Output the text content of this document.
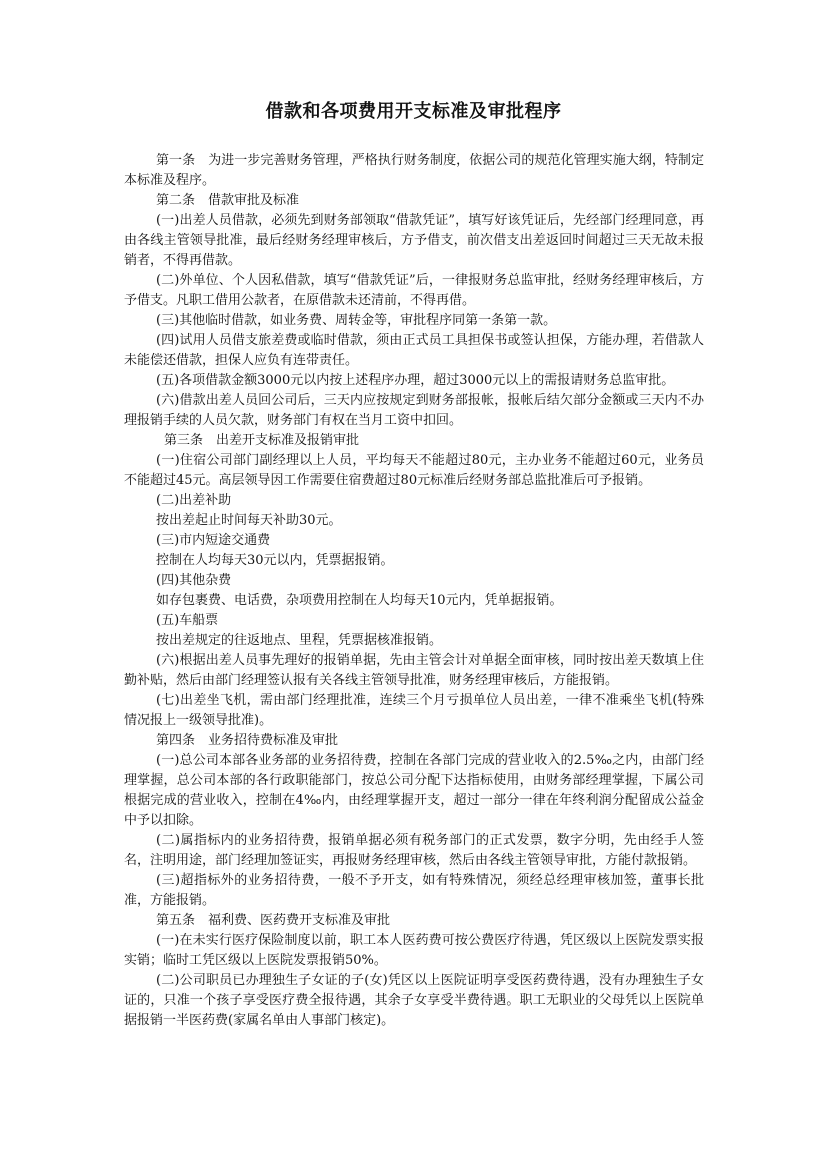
借款和各项费用开支标准及审批程序

第一条　为进一步完善财务管理，严格执行财务制度，依据公司的规范化管理实施大纲，特制定本标准及程序。

第二条　借款审批及标准

(一)出差人员借款，必须先到财务部领取“借款凭证”，填写好该凭证后，先经部门经理同意，再由各线主管领导批准，最后经财务经理审核后，方予借支，前次借支出差返回时间超过三天无故未报销者，不得再借款。

(二)外单位、个人因私借款，填写“借款凭证”后，一律报财务总监审批，经财务经理审核后，方予借支。凡职工借用公款者，在原借款未还清前，不得再借。

(三)其他临时借款，如业务费、周转金等，审批程序同第一条第一款。

(四)试用人员借支旅差费或临时借款，须由正式员工具担保书或签认担保，方能办理，若借款人未能偿还借款，担保人应负有连带责任。

(五)各项借款金额3000元以内按上述程序办理，超过3000元以上的需报请财务总监审批。

(六)借款出差人员回公司后，三天内应按规定到财务部报帐，报帐后结欠部分金额或三天内不办理报销手续的人员欠款，财务部门有权在当月工资中扣回。

第三条　出差开支标准及报销审批

(一)住宿公司部门副经理以上人员，平均每天不能超过80元，主办业务不能超过60元，业务员不能超过45元。高层领导因工作需要住宿费超过80元标准后经财务部总监批准后可予报销。

(二)出差补助

按出差起止时间每天补助30元。

(三)市内短途交通费

控制在人均每天30元以内，凭票据报销。

(四)其他杂费

如存包裹费、电话费，杂项费用控制在人均每天10元内，凭单据报销。

(五)车船票

按出差规定的往返地点、里程，凭票据核准报销。

(六)根据出差人员事先理好的报销单据，先由主管会计对单据全面审核，同时按出差天数填上住勤补贴，然后由部门经理签认报有关各线主管领导批准，财务经理审核后，方能报销。

(七)出差坐飞机，需由部门经理批准，连续三个月亏损单位人员出差，一律不准乘坐飞机(特殊情况报上一级领导批准)。

第四条　业务招待费标准及审批

(一)总公司本部各业务部的业务招待费，控制在各部门完成的营业收入的2.5‰之内，由部门经理掌握，总公司本部的各行政职能部门，按总公司分配下达指标使用，由财务部经理掌握，下属公司根据完成的营业收入，控制在4‰内，由经理掌握开支，超过一部分一律在年终利润分配留成公益金中予以扣除。

(二)属指标内的业务招待费，报销单据必须有税务部门的正式发票，数字分明，先由经手人签名，注明用途，部门经理加签证实，再报财务经理审核，然后由各线主管领导审批，方能付款报销。

(三)超指标外的业务招待费，一般不予开支，如有特殊情况，须经总经理审核加签，董事长批准，方能报销。

第五条　福利费、医药费开支标准及审批

(一)在未实行医疗保险制度以前，职工本人医药费可按公费医疗待遇，凭区级以上医院发票实报实销；临时工凭区级以上医院发票报销50%。

(二)公司职员已办理独生子女证的子(女)凭区以上医院证明享受医药费待遇，没有办理独生子女证的，只准一个孩子享受医疗费全报待遇，其余子女享受半费待遇。职工无职业的父母凭以上医院单据报销一半医药费(家属名单由人事部门核定)。
